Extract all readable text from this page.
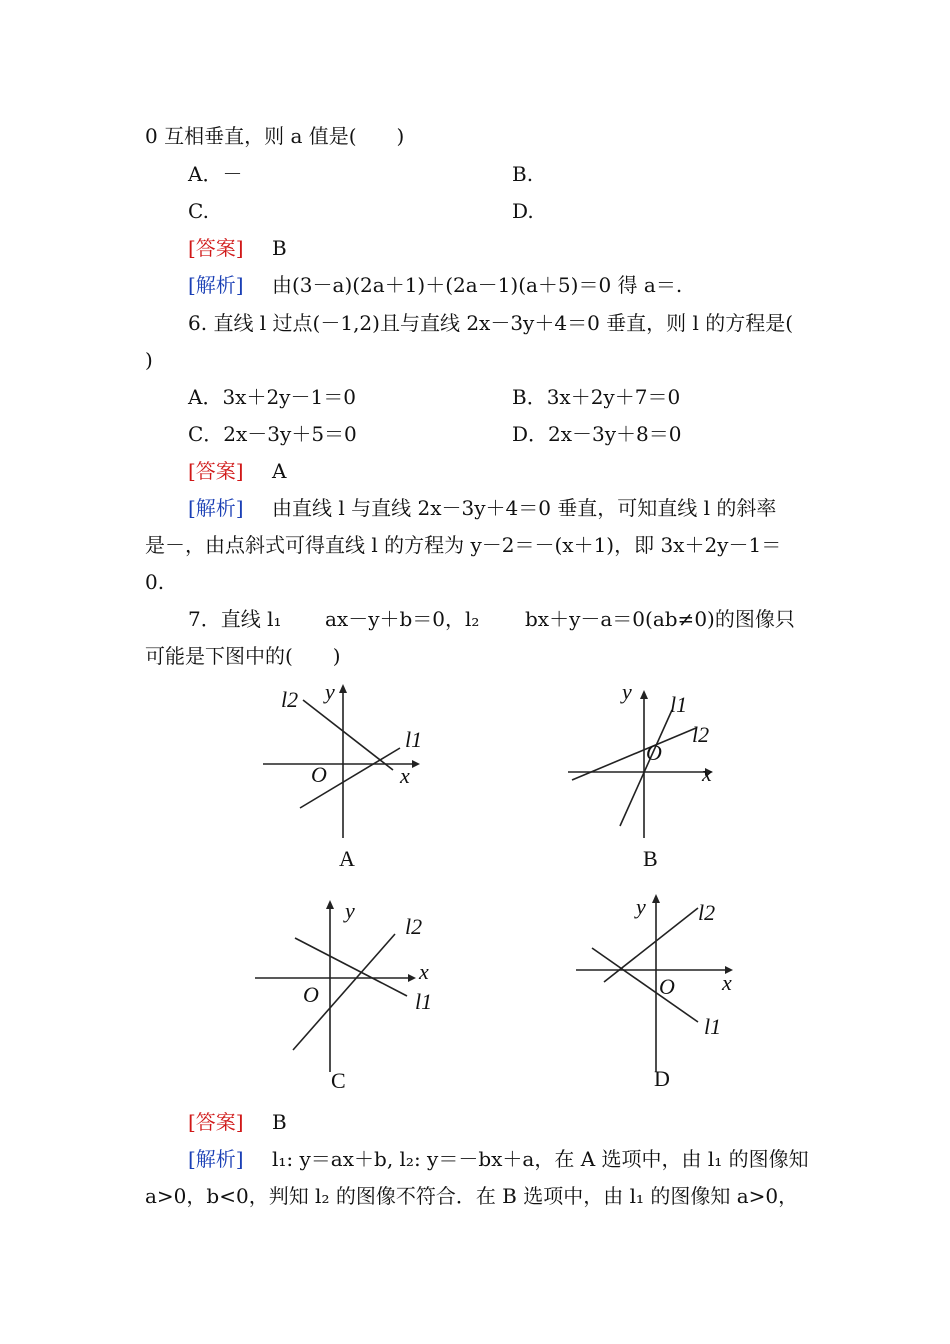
0 互相垂直，则 a 值是(　　)
A．－	B.
C.	D.
[答案] B
[解析] 由(3－a)(2a＋1)＋(2a－1)(a＋5)＝0 得 a＝.
6. 直线 l 过点(－1,2)且与直线 2x－3y＋4＝0 垂直，则 l 的方程是(
)
A．3x＋2y－1＝0	B．3x＋2y＋7＝0
C．2x－3y＋5＝0	D．2x－3y＋8＝0
[答案] A
[解析] 由直线 l 与直线 2x－3y＋4＝0 垂直，可知直线 l 的斜率
是－，由点斜式可得直线 l 的方程为 y－2＝－(x＋1)，即 3x＋2y－1＝
0.
7．直线 l₁ ax－y＋b＝0，l₂ bx＋y－a＝0(ab≠0)的图像只
可能是下图中的(　　)
l2 y
l1
O	x
A
y
l1
l2
O
x
B
y
l2
x
O	l1
C
y l2
O x
l1
D
[答案] B
[解析] l₁: y＝ax＋b, l₂: y＝－bx＋a，在 A 选项中，由 l₁ 的图像知
a>0，b<0，判知 l₂ 的图像不符合．在 B 选项中，由 l₁ 的图像知 a>0，
